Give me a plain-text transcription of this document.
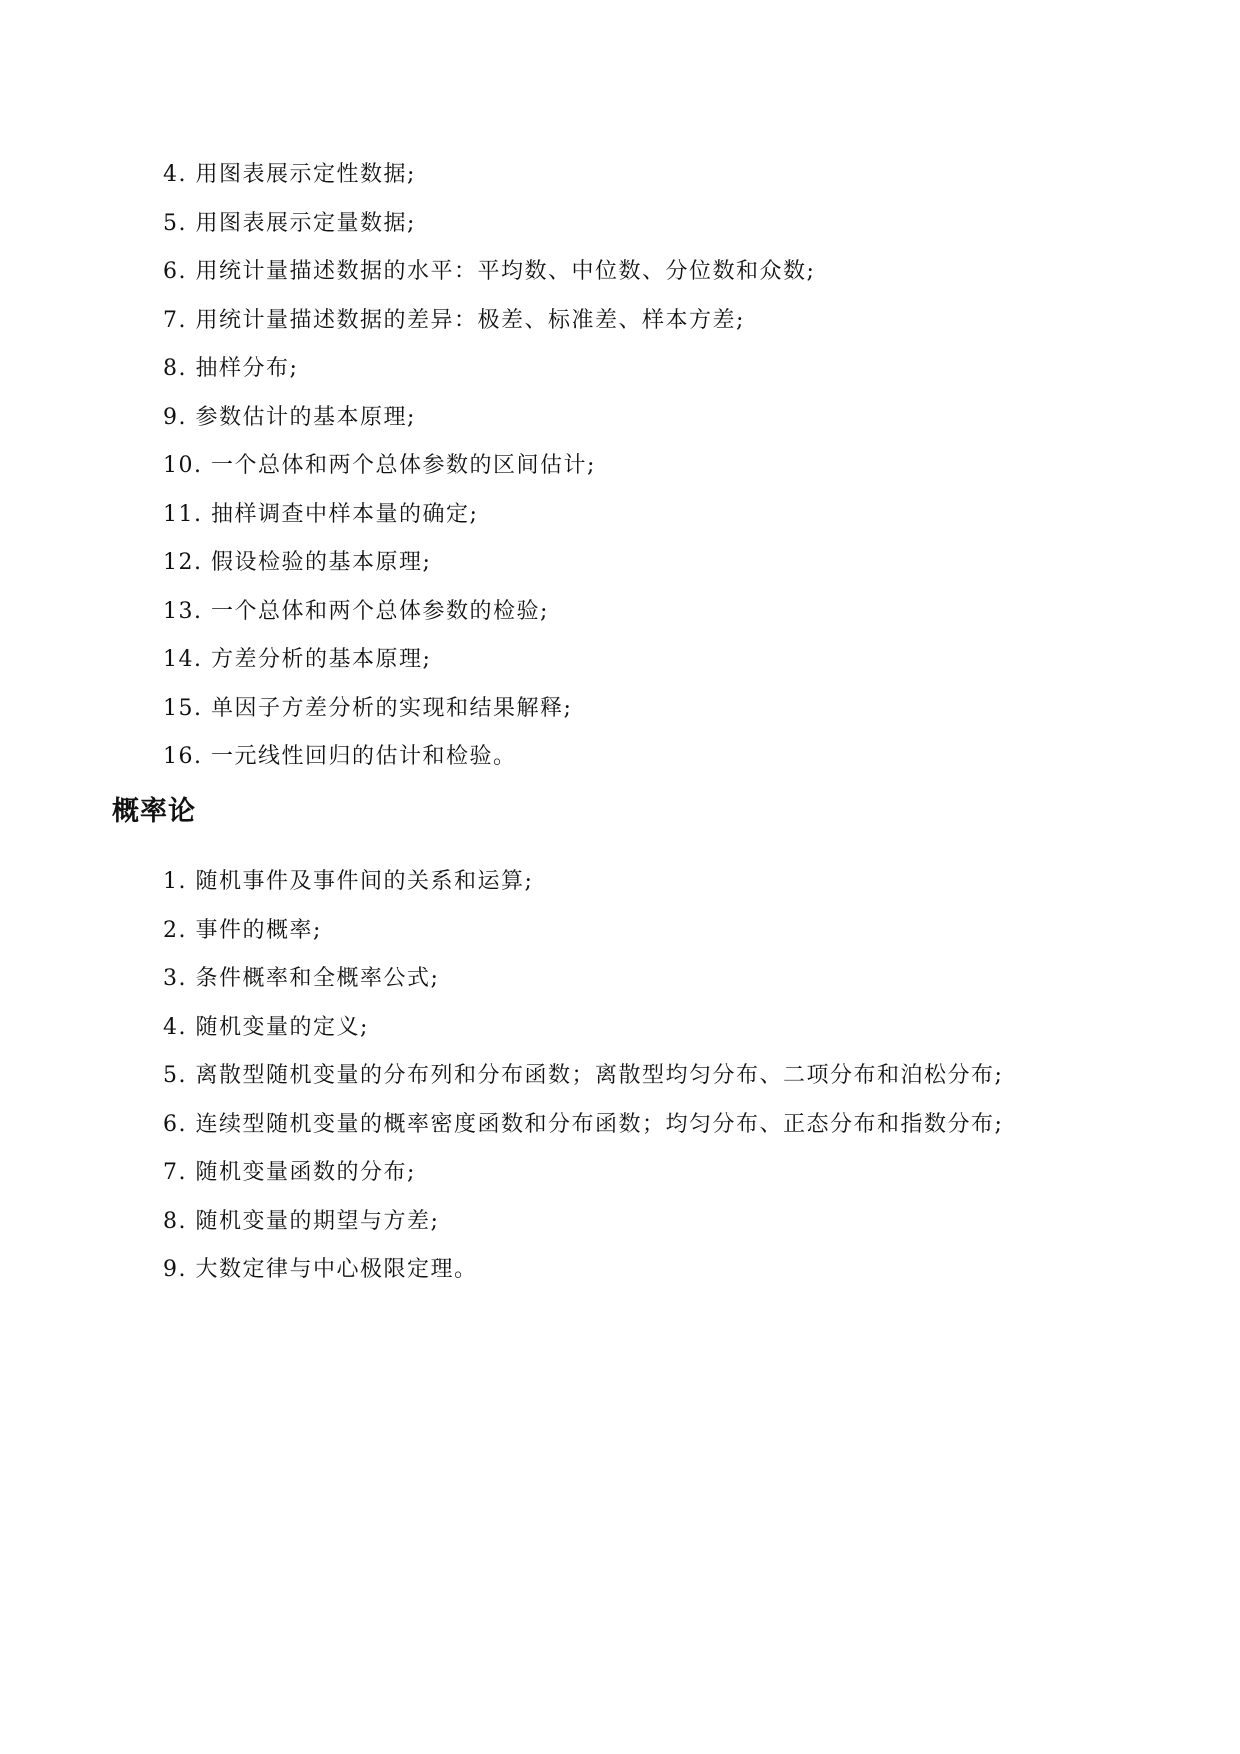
4. 用图表展示定性数据;
5. 用图表展示定量数据;
6. 用统计量描述数据的水平：平均数、中位数、分位数和众数;
7. 用统计量描述数据的差异：极差、标准差、样本方差;
8. 抽样分布;
9. 参数估计的基本原理;
10. 一个总体和两个总体参数的区间估计;
11. 抽样调查中样本量的确定;
12. 假设检验的基本原理;
13. 一个总体和两个总体参数的检验;
14. 方差分析的基本原理;
15. 单因子方差分析的实现和结果解释;
16. 一元线性回归的估计和检验。
概率论
1. 随机事件及事件间的关系和运算;
2. 事件的概率;
3. 条件概率和全概率公式;
4. 随机变量的定义;
5. 离散型随机变量的分布列和分布函数；离散型均匀分布、二项分布和泊松分布;
6. 连续型随机变量的概率密度函数和分布函数；均匀分布、正态分布和指数分布;
7. 随机变量函数的分布;
8. 随机变量的期望与方差;
9. 大数定律与中心极限定理。
